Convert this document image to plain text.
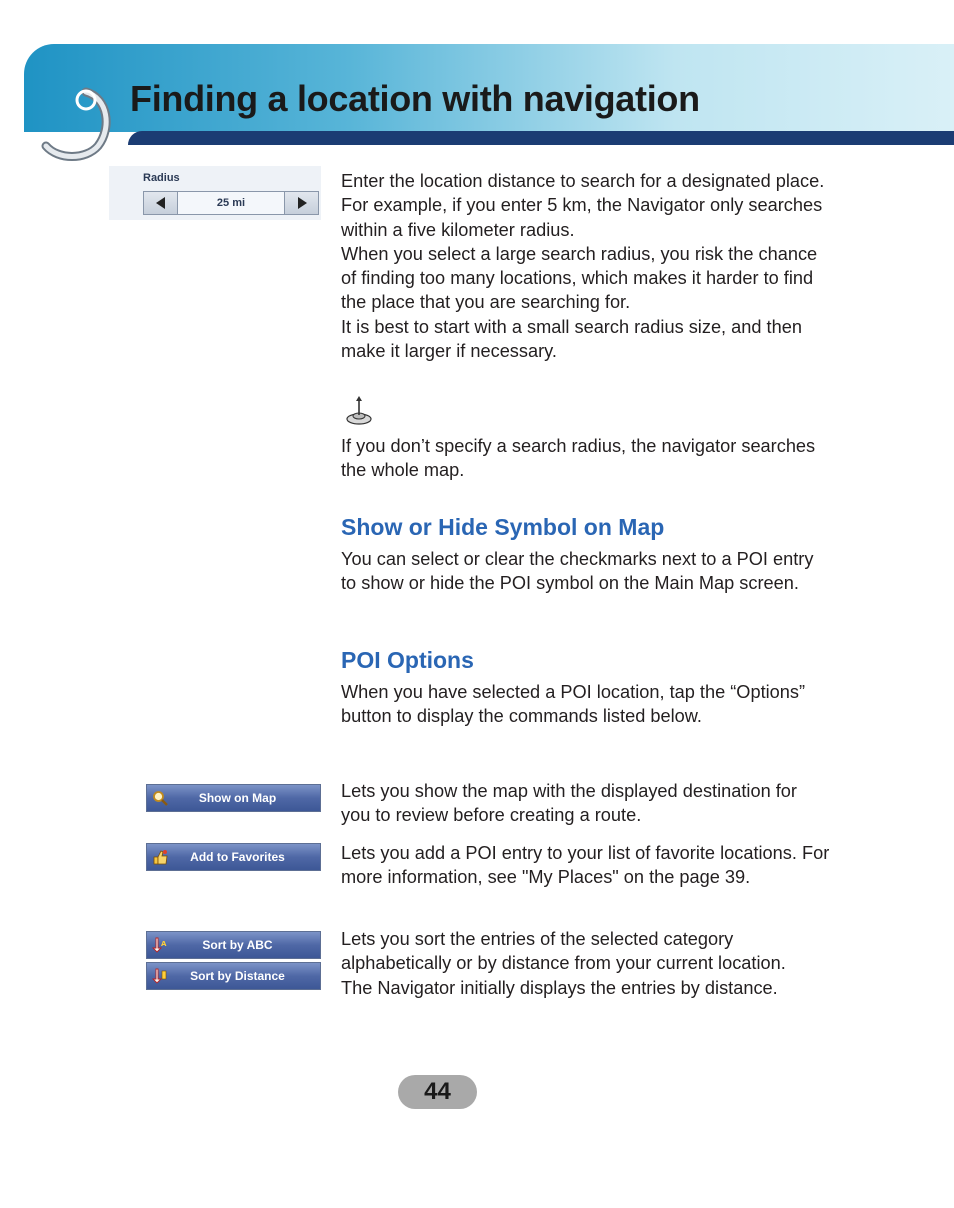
Finding a location with navigation
Radius
25 mi

Enter the location distance to search for a designated place.

For example, if you enter 5 km, the Navigator only searches within a five kilometer radius.

When you select a large search radius, you risk the chance of finding too many locations, which makes it harder to find the place that you are searching for.

It is best to start with a small search radius size, and then make it larger if necessary.

If you don’t specify a search radius, the navigator searches the whole map.

Show or Hide Symbol on Map

You can select or clear the checkmarks next to a POI entry to show or hide the POI symbol on the Main Map screen.

POI Options

When you have selected a POI location, tap the “Options” button to display the commands listed below.

Show on Map	Lets you show the map with the displayed destination for you to review before creating a route.

Add to Favorites	Lets you add a POI entry to your list of favorite locations. For more information, see "My Places" on the page 39.

A	Sort by ABC
Sort by Distance

Lets you sort the entries of the selected category alphabetically or by distance from your current location.

The Navigator initially displays the entries by distance.

44
